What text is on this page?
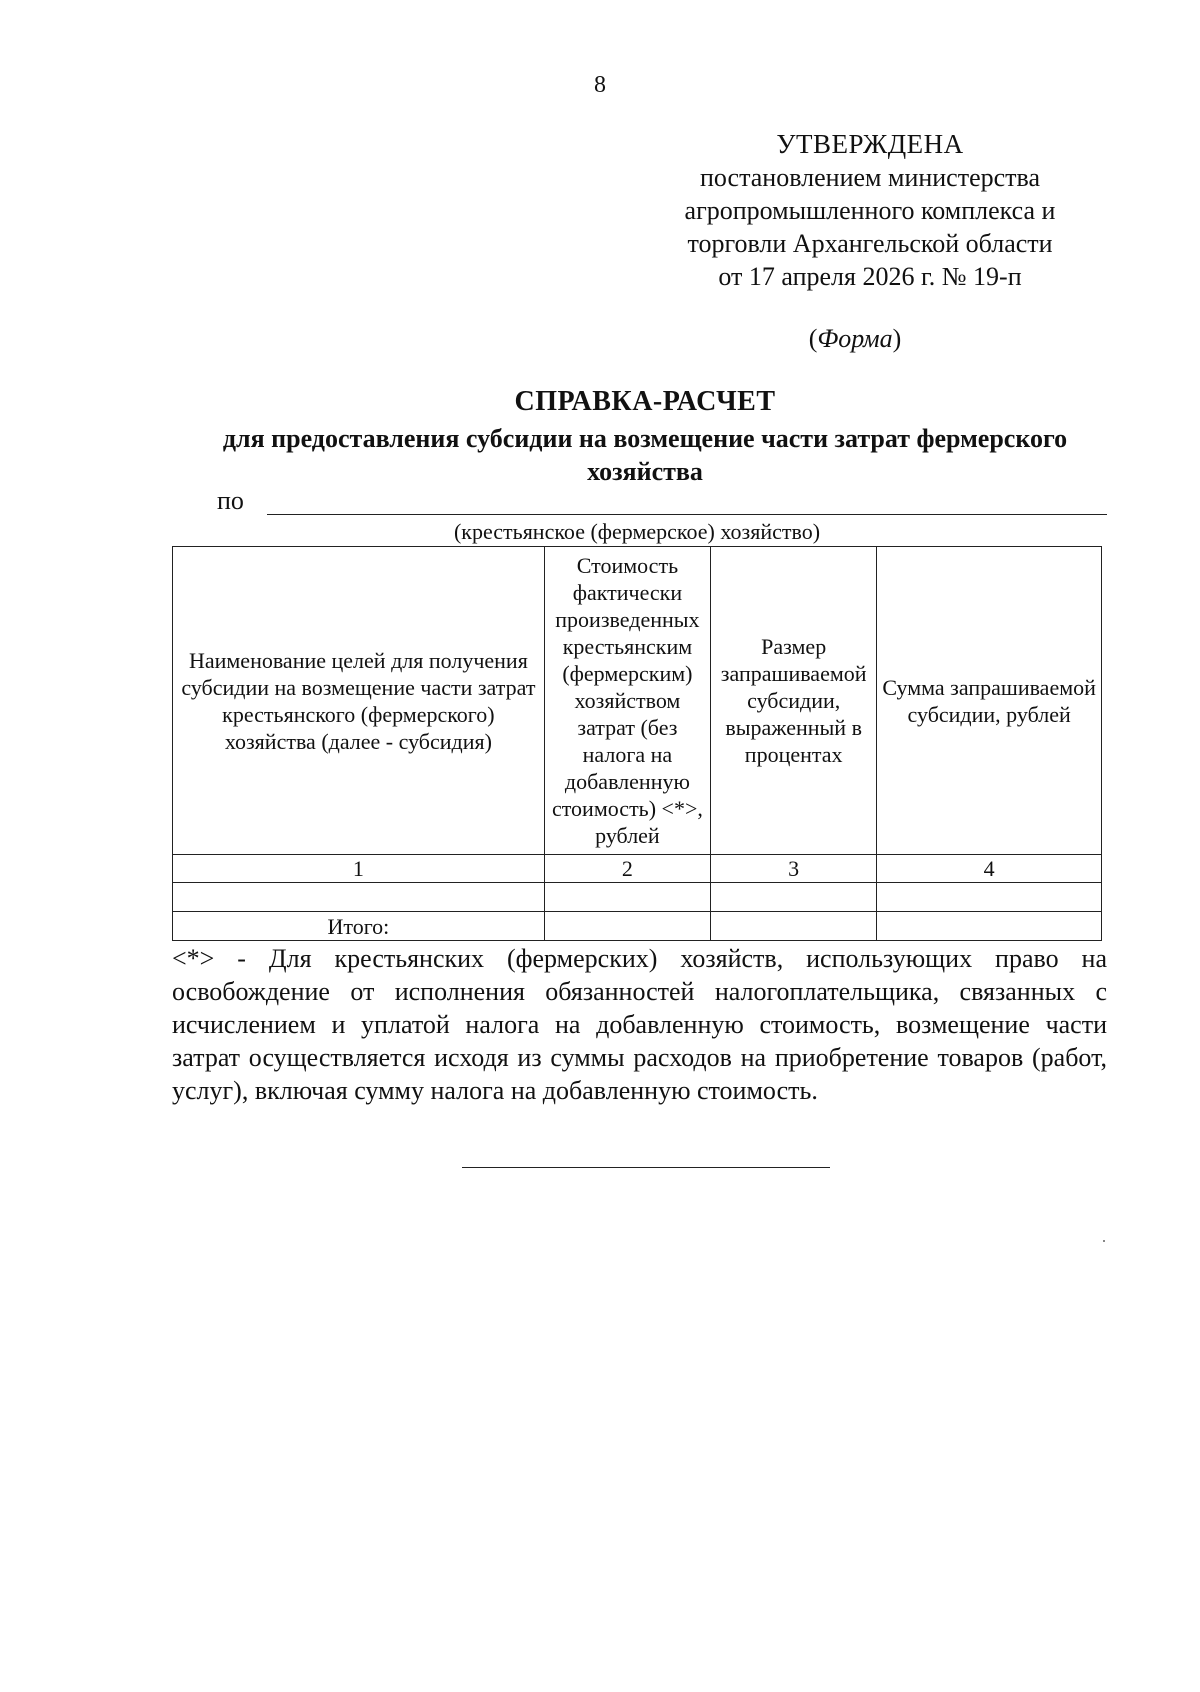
8
УТВЕРЖДЕНА
постановлением министерства
агропромышленного комплекса и
торговли Архангельской области
от 17 апреля 2026 г. № 19-п
(Форма)
СПРАВКА-РАСЧЕТ
для предоставления субсидии на возмещение части затрат фермерского
хозяйства
по
(крестьянское (фермерское) хозяйство)
Наименование целей для получения субсидии на возмещение части затрат крестьянского (фермерского) хозяйства (далее - субсидия)	Стоимость фактически произведенных крестьянским (фермерским) хозяйством затрат (без налога на добавленную стоимость) <*>, рублей	Размер запрашиваемой субсидии, выраженный в процентах	Сумма запрашиваемой субсидии, рублей
1	2	3	4

Итого:			
<*> - Для крестьянских (фермерских) хозяйств, использующих право на освобождение от исполнения обязанностей налогоплательщика, связанных с исчислением и уплатой налога на добавленную стоимость, возмещение части затрат осуществляется исходя из суммы расходов на приобретение товаров (работ, услуг), включая сумму налога на добавленную стоимость.
